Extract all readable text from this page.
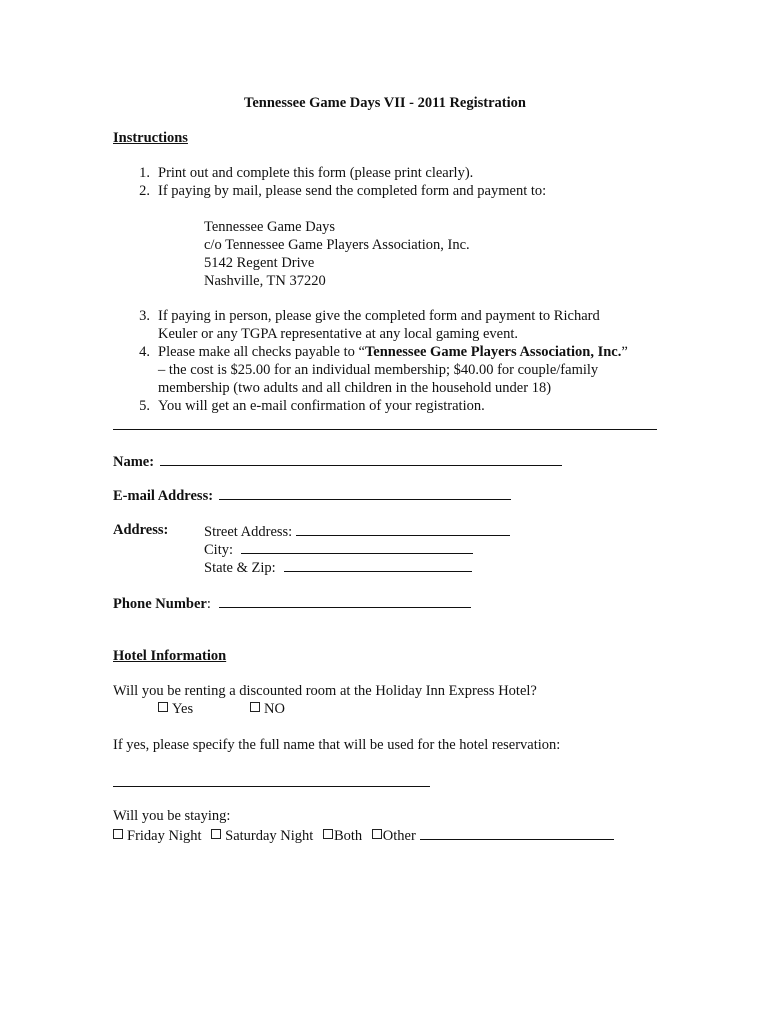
Tennessee Game Days VII - 2011 Registration
Instructions
1. Print out and complete this form (please print clearly).
2. If paying by mail, please send the completed form and payment to:
Tennessee Game Days
c/o Tennessee Game Players Association, Inc.
5142 Regent Drive
Nashville, TN 37220
3. If paying in person, please give the completed form and payment to Richard
Keuler or any TGPA representative at any local gaming event.
4. Please make all checks payable to “Tennessee Game Players Association, Inc.”
– the cost is $25.00 for an individual membership; $40.00 for couple/family
membership (two adults and all children in the household under 18)
5. You will get an e-mail confirmation of your registration.
Name:
E-mail Address:
Address: Street Address:
City:
State & Zip:
Phone Number:
Hotel Information
Will you be renting a discounted room at the Holiday Inn Express Hotel?
Yes	NO
If yes, please specify the full name that will be used for the hotel reservation:
Will you be staying:
Friday Night Saturday Night Both Other
